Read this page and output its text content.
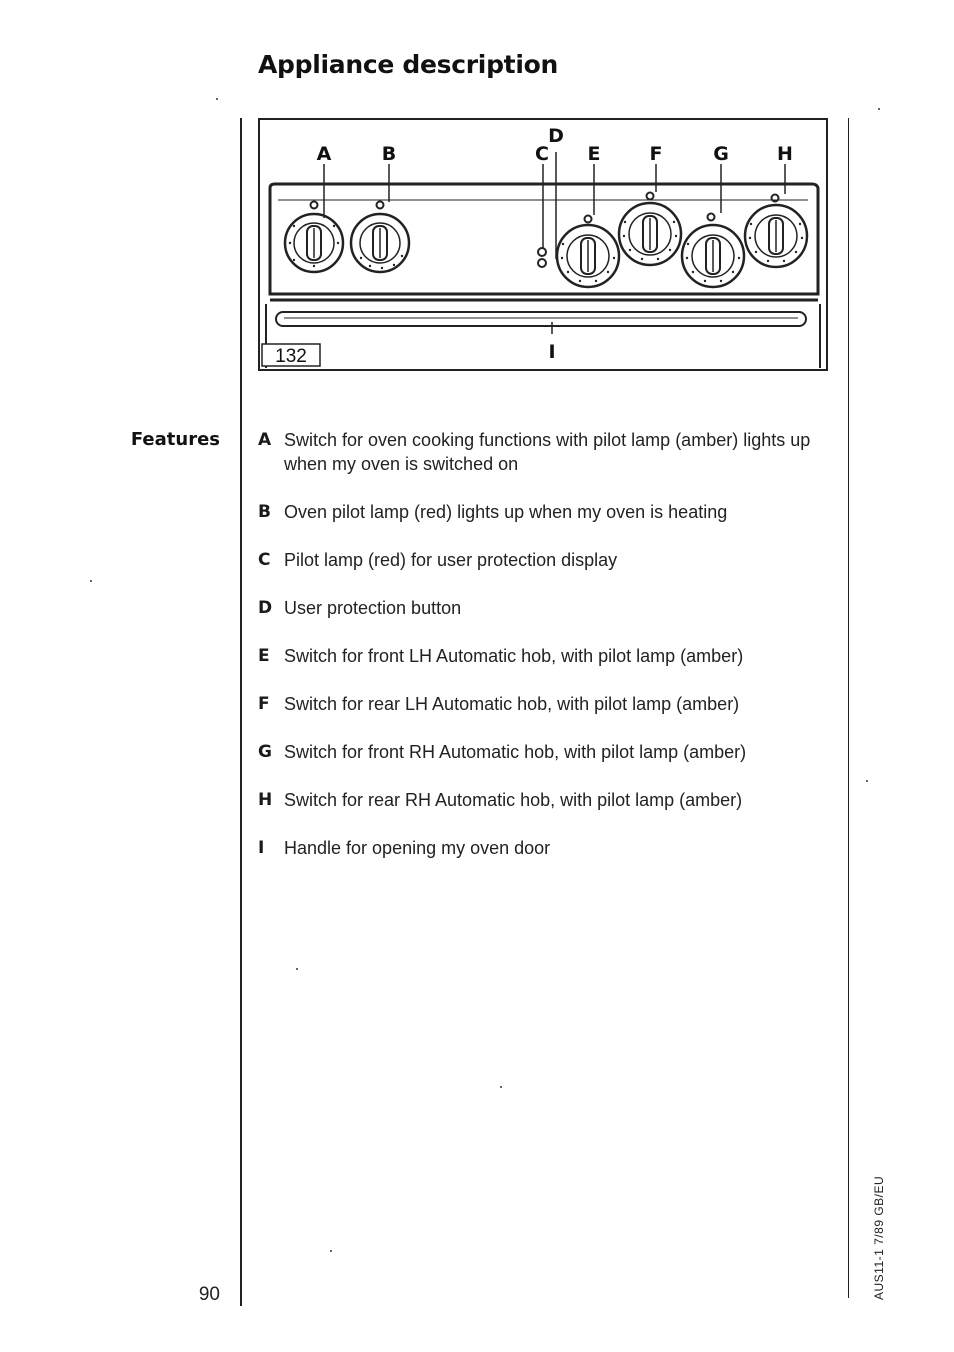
Appliance description
A	B	C
D
E	F	G	H
I
132
Features A Switch for oven cooking functions with pilot lamp (amber) lights up when my oven is switched on
B Oven pilot lamp (red) lights up when my oven is heating
C Pilot lamp (red) for user protection display
D User protection button
E Switch for front LH Automatic hob, with pilot lamp (amber)
F Switch for rear LH Automatic hob, with pilot lamp (amber)
G Switch for front RH Automatic hob, with pilot lamp (amber)
H Switch for rear RH Automatic hob, with pilot lamp (amber)
I Handle for opening my oven door
90	AUS11-1 7/89 GB/EU
